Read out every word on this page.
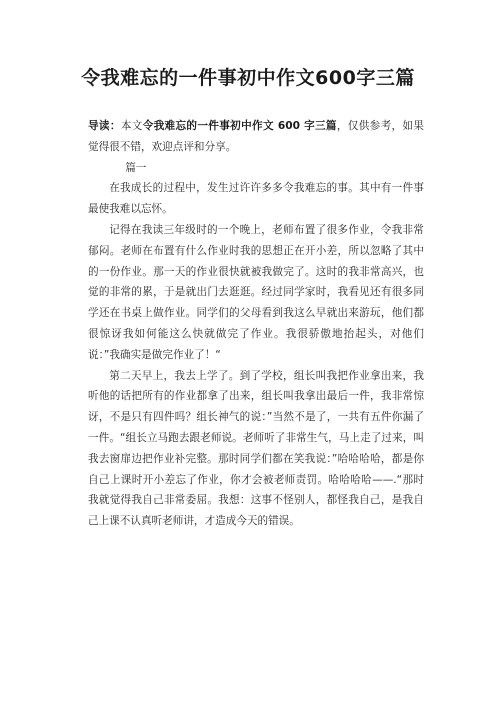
令我难忘的一件事初中作文600字三篇

导读：本文令我难忘的一件事初中作文 600 字三篇，仅供参考，如果觉得很不错，欢迎点评和分享。

篇一

在我成长的过程中，发生过许许多多令我难忘的事。其中有一件事最使我难以忘怀。

记得在我读三年级时的一个晚上，老师布置了很多作业，令我非常郁闷。老师在布置有什么作业时我的思想正在开小差，所以忽略了其中的一份作业。那一天的作业很快就被我做完了。这时的我非常高兴，也觉的非常的累，于是就出门去逛逛。经过同学家时，我看见还有很多同学还在书桌上做作业。同学们的父母看到我这么早就出来游玩，他们都很惊讶我如何能这么快就做完了作业。我很骄傲地抬起头，对他们说：”我确实是做完作业了！“

第二天早上，我去上学了。到了学校，组长叫我把作业拿出来，我听他的话把所有的作业都拿了出来，组长叫我拿出最后一件，我非常惊讶，不是只有四件吗？组长神气的说：”当然不是了，一共有五件你漏了一件。“组长立马跑去跟老师说。老师听了非常生气，马上走了过来，叫我去窗扉边把作业补完整。那时同学们都在笑我说：”哈哈哈哈，都是你自己上课时开小差忘了作业，你才会被老师责罚。哈哈哈哈——.“那时我就觉得我自己非常委屈。我想：这事不怪别人，都怪我自己，是我自己上课不认真听老师讲，才造成今天的错误。
